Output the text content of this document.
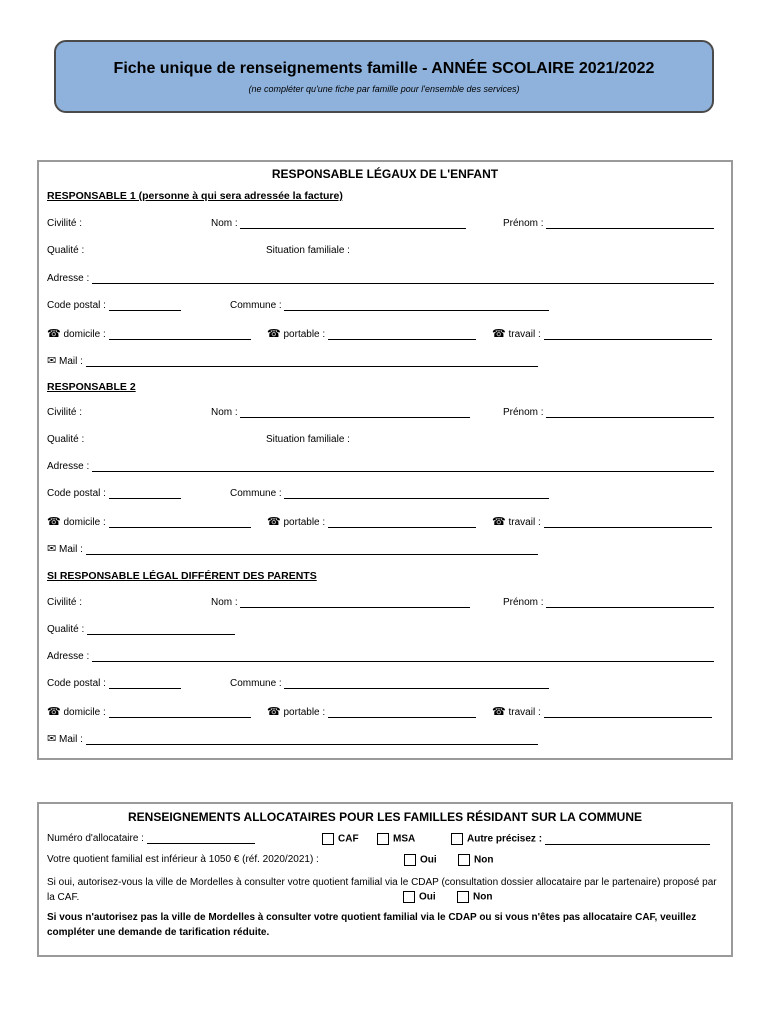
Fiche unique de renseignements famille - ANNÉE SCOLAIRE 2021/2022
(ne compléter qu'une fiche par famille pour l'ensemble des services)
RESPONSABLE LÉGAUX DE L'ENFANT
RESPONSABLE 1 (personne à qui sera adressée la facture)
Civilité :	Nom :	Prénom :
Qualité :	Situation familiale :
Adresse :
Code postal :	Commune :
☎ domicile :	☎ portable :	☎ travail :
✉ Mail :
RESPONSABLE 2
Civilité :	Nom :	Prénom :
Qualité :	Situation familiale :
Adresse :
Code postal :	Commune :
☎ domicile :	☎ portable :	☎ travail :
✉ Mail :
SI RESPONSABLE LÉGAL DIFFÉRENT DES PARENTS
Civilité :	Nom :	Prénom :
Qualité :
Adresse :
Code postal :	Commune :
☎ domicile :	☎ portable :	☎ travail :
✉ Mail :
RENSEIGNEMENTS ALLOCATAIRES POUR LES FAMILLES RÉSIDANT SUR LA COMMUNE
Numéro d'allocataire :	CAF	MSA	Autre précisez :
Votre quotient familial est inférieur à 1050 € (réf. 2020/2021) :	Oui	Non
Si oui, autorisez-vous la ville de Mordelles à consulter votre quotient familial via le CDAP (consultation dossier allocataire par le partenaire) proposé par la CAF.	Oui	Non
Si vous n'autorisez pas la ville de Mordelles à consulter votre quotient familial via le CDAP ou si vous n'êtes pas allocataire CAF, veuillez compléter une demande de tarification réduite.
